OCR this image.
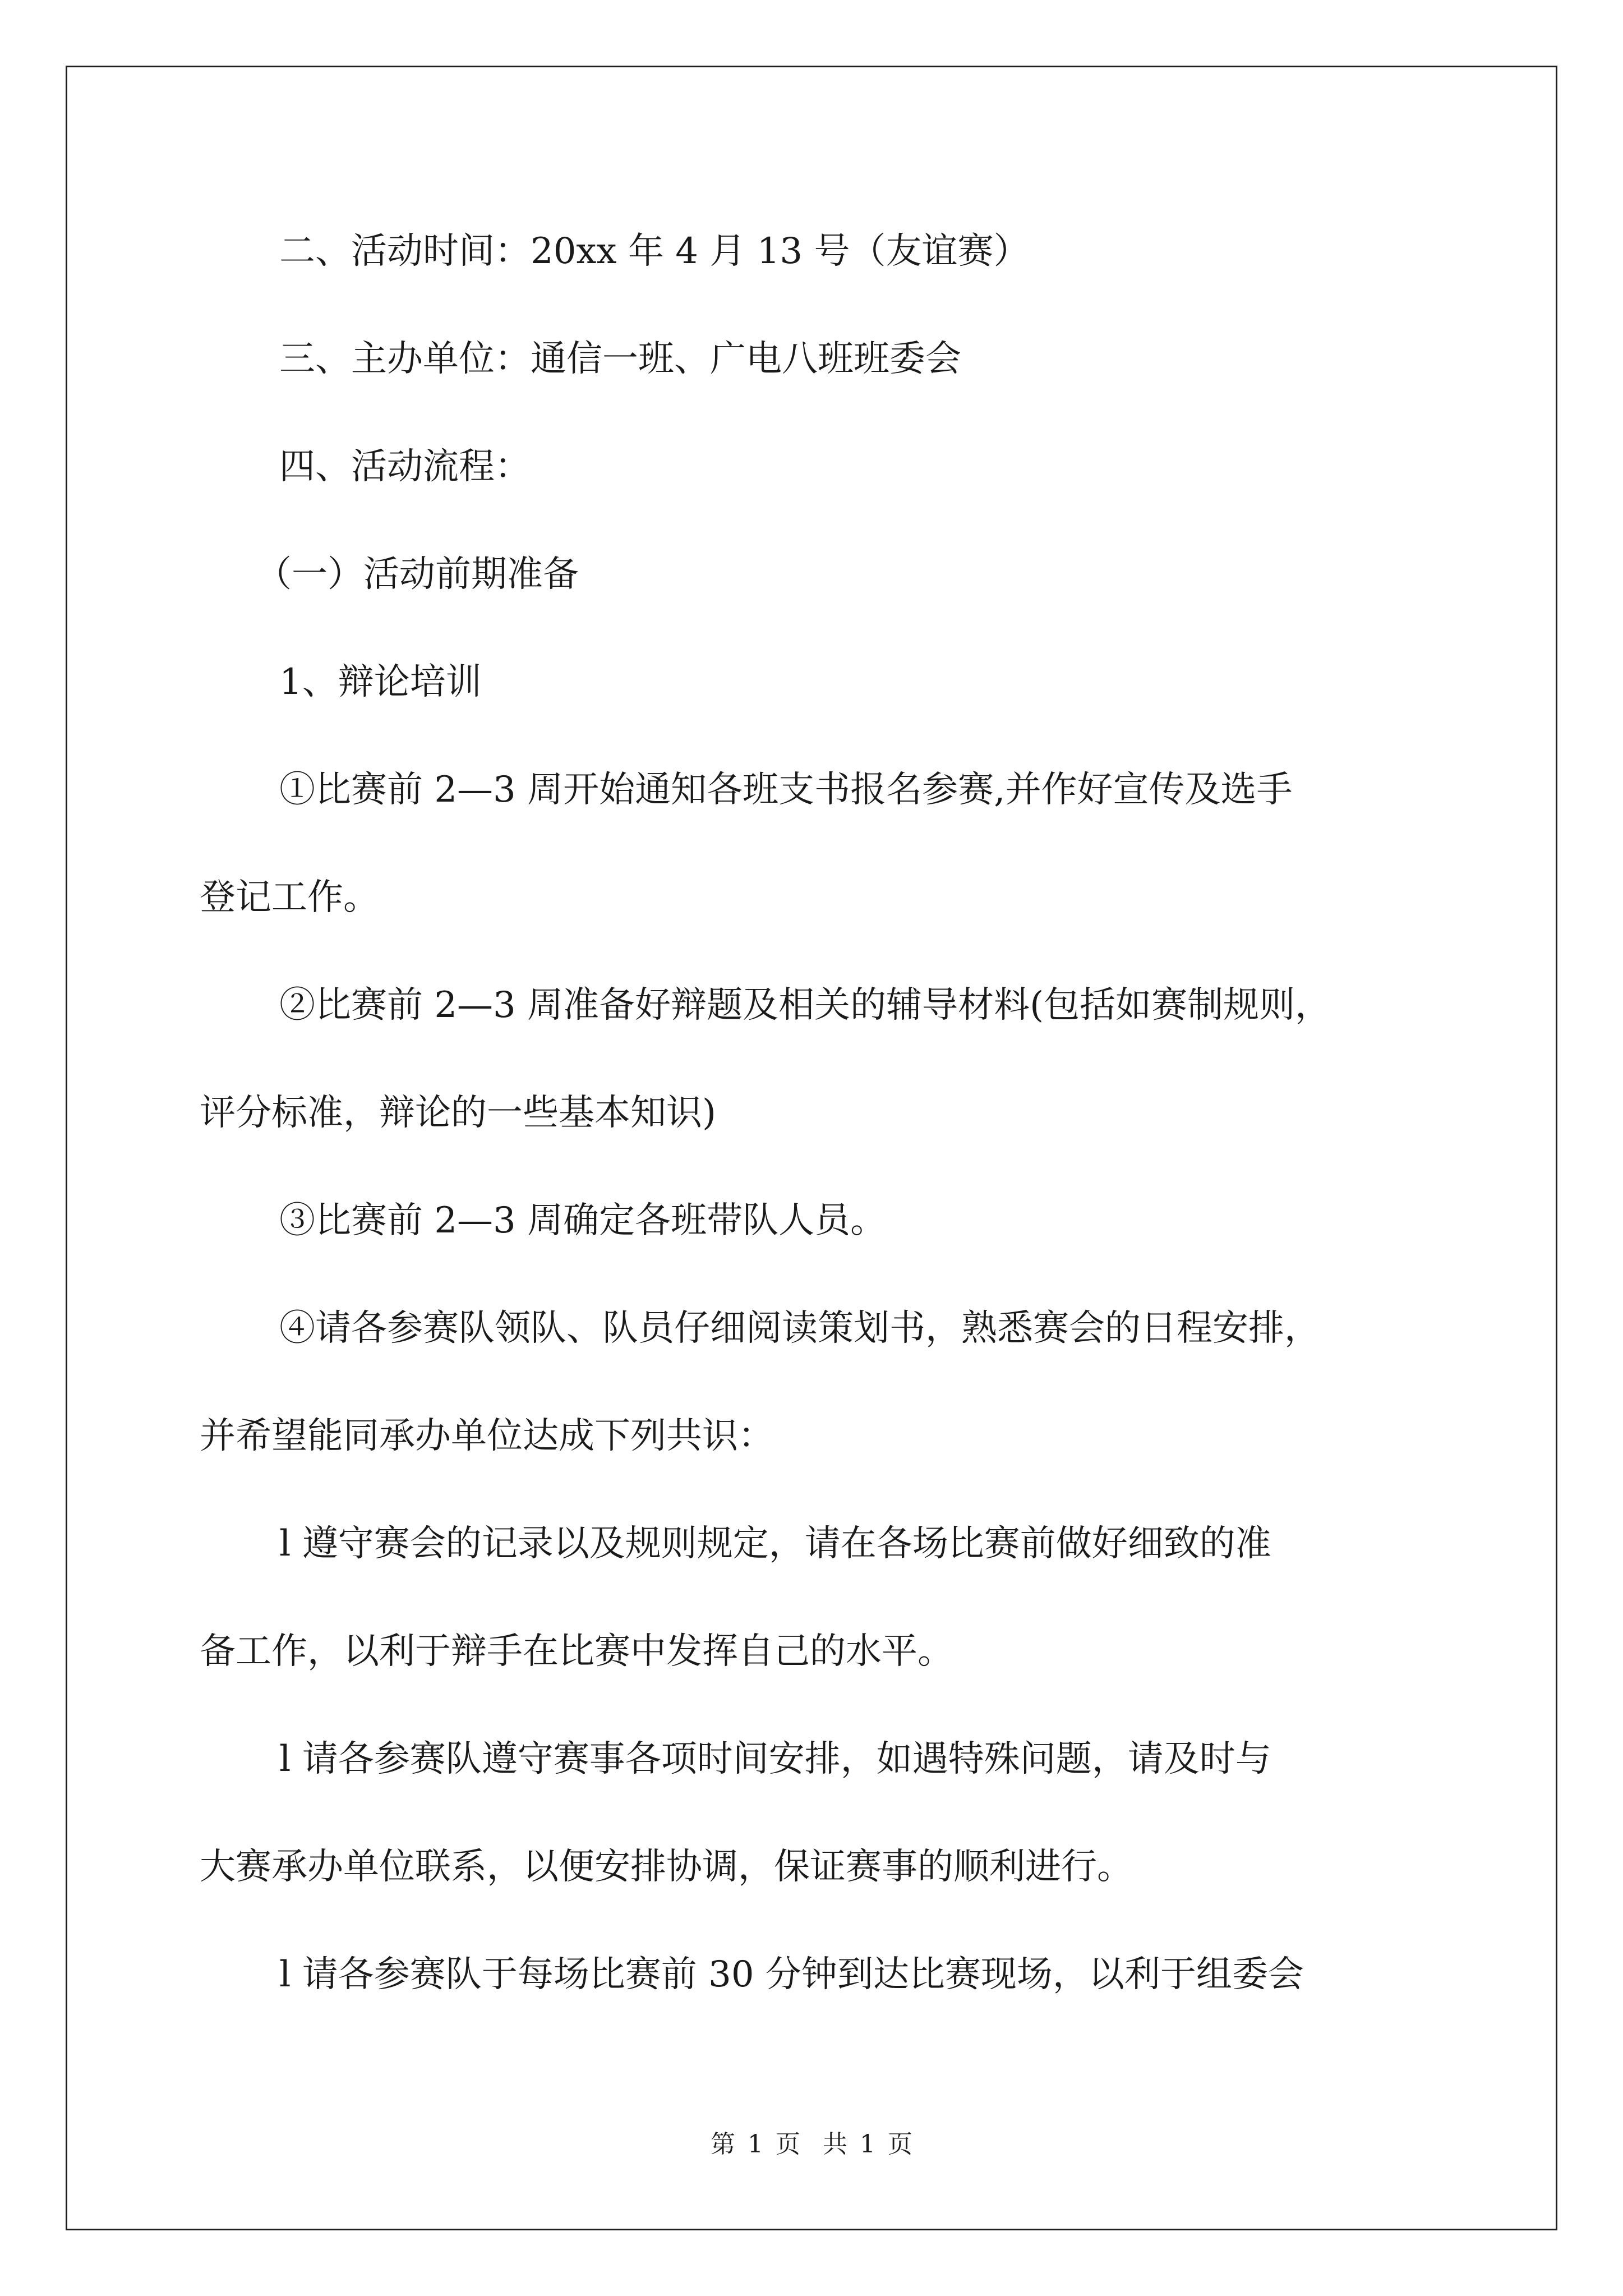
二、活动时间：20xx 年 4 月 13 号（友谊赛）

三、主办单位：通信一班、广电八班班委会

四、活动流程：

（一）活动前期准备

1、辩论培训

①比赛前 2—3 周开始通知各班支书报名参赛,并作好宣传及选手

登记工作。

②比赛前 2—3 周准备好辩题及相关的辅导材料(包括如赛制规则，

评分标准，辩论的一些基本知识)

③比赛前 2—3 周确定各班带队人员。

④请各参赛队领队、队员仔细阅读策划书，熟悉赛会的日程安排，

并希望能同承办单位达成下列共识：

l 遵守赛会的记录以及规则规定，请在各场比赛前做好细致的准

备工作，以利于辩手在比赛中发挥自己的水平。

l 请各参赛队遵守赛事各项时间安排，如遇特殊问题，请及时与

大赛承办单位联系，以便安排协调，保证赛事的顺利进行。

l 请各参赛队于每场比赛前 30 分钟到达比赛现场，以利于组委会

第 1 页 共 1 页
